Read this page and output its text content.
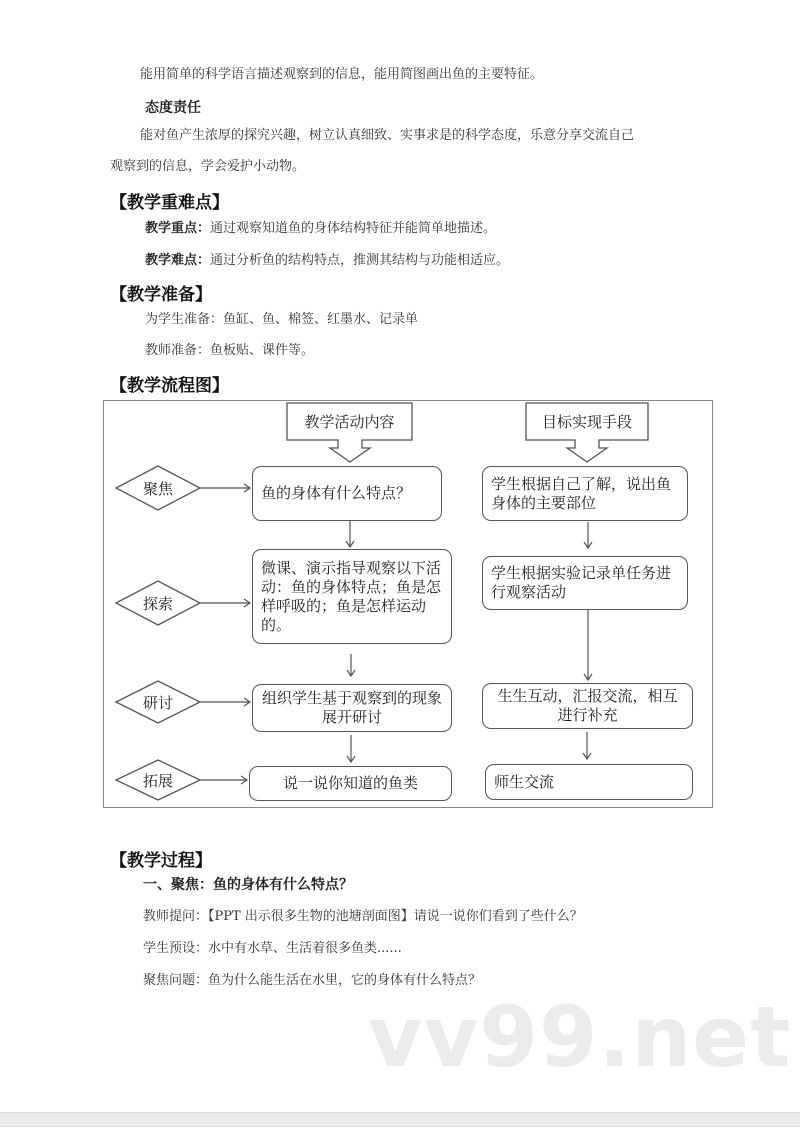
能用简单的科学语言描述观察到的信息，能用简图画出鱼的主要特征。
态度责任
能对鱼产生浓厚的探究兴趣，树立认真细致、实事求是的科学态度，乐意分享交流自己
观察到的信息，学会爱护小动物。
【教学重难点】
教学重点：通过观察知道鱼的身体结构特征并能简单地描述。
教学难点：通过分析鱼的结构特点，推测其结构与功能相适应。
【教学准备】
为学生准备：鱼缸、鱼、棉签、红墨水、记录单
教师准备：鱼板贴、课件等。
【教学流程图】
教学活动内容	目标实现手段
聚焦
探索
研讨
拓展
鱼的身体有什么特点？
微课、演示指导观察以下活动：鱼的身体特点；鱼是怎样呼吸的；鱼是怎样运动的。
组织学生基于观察到的现象展开研讨
说一说你知道的鱼类
学生根据自己了解，说出鱼身体的主要部位
学生根据实验记录单任务进行观察活动
生生互动，汇报交流，相互进行补充
师生交流
【教学过程】
一、聚焦：鱼的身体有什么特点？
教师提问：【PPT 出示很多生物的池塘剖面图】请说一说你们看到了些什么？
学生预设：水中有水草、生活着很多鱼类......
聚焦问题：鱼为什么能生活在水里，它的身体有什么特点？
vv99.net
